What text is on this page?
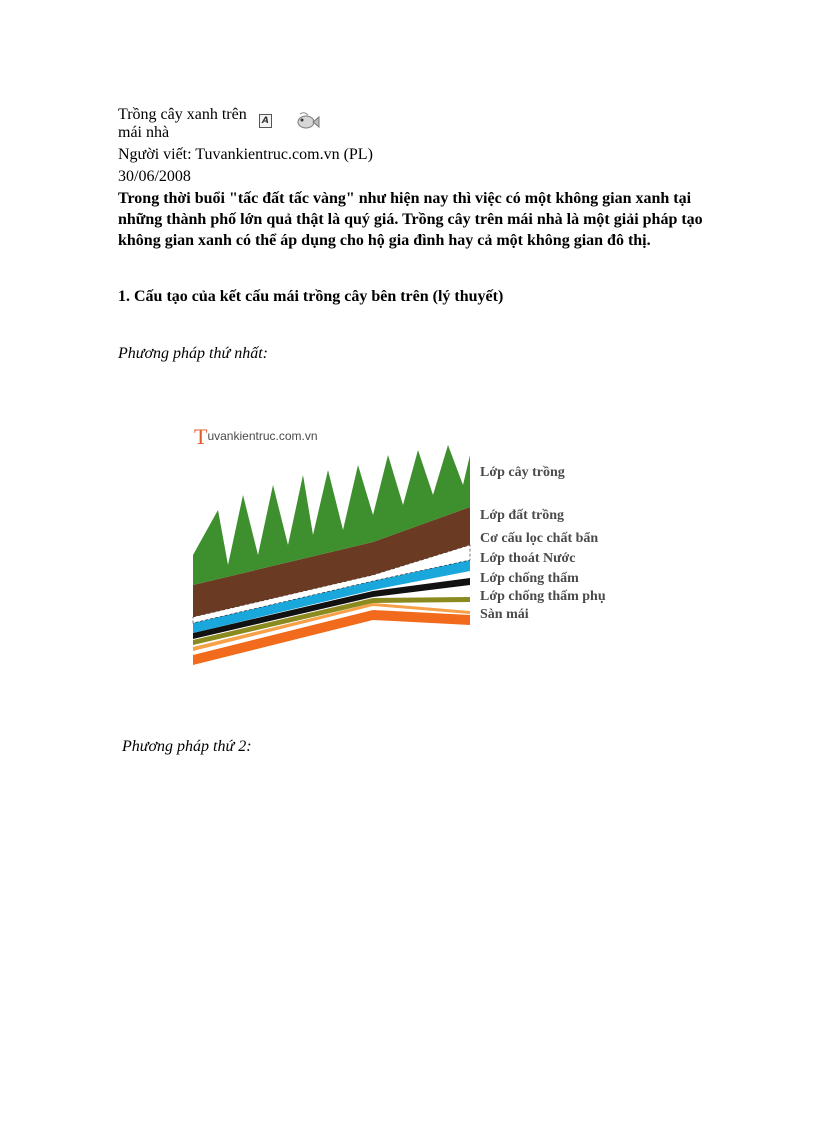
Trồng cây xanh trên mái nhà
A
Người viết: Tuvankientruc.com.vn (PL)
30/06/2008
Trong thời buổi "tấc đất tấc vàng" như hiện nay thì việc có một không gian xanh tại những thành phố lớn quả thật là quý giá. Trồng cây trên mái nhà là một giải pháp tạo không gian xanh có thể áp dụng cho hộ gia đình hay cả một không gian đô thị.
1. Cấu tạo của kết cấu mái trồng cây bên trên (lý thuyết)
Phương pháp thứ nhất:
Tuvankientruc.com.vn
Lớp cây trồng
Lớp đất trồng
Cơ cấu lọc chất bẩn
Lớp thoát Nước
Lớp chống thấm
Lớp chống thấm phụ
Sàn mái
Phương pháp thứ 2:
